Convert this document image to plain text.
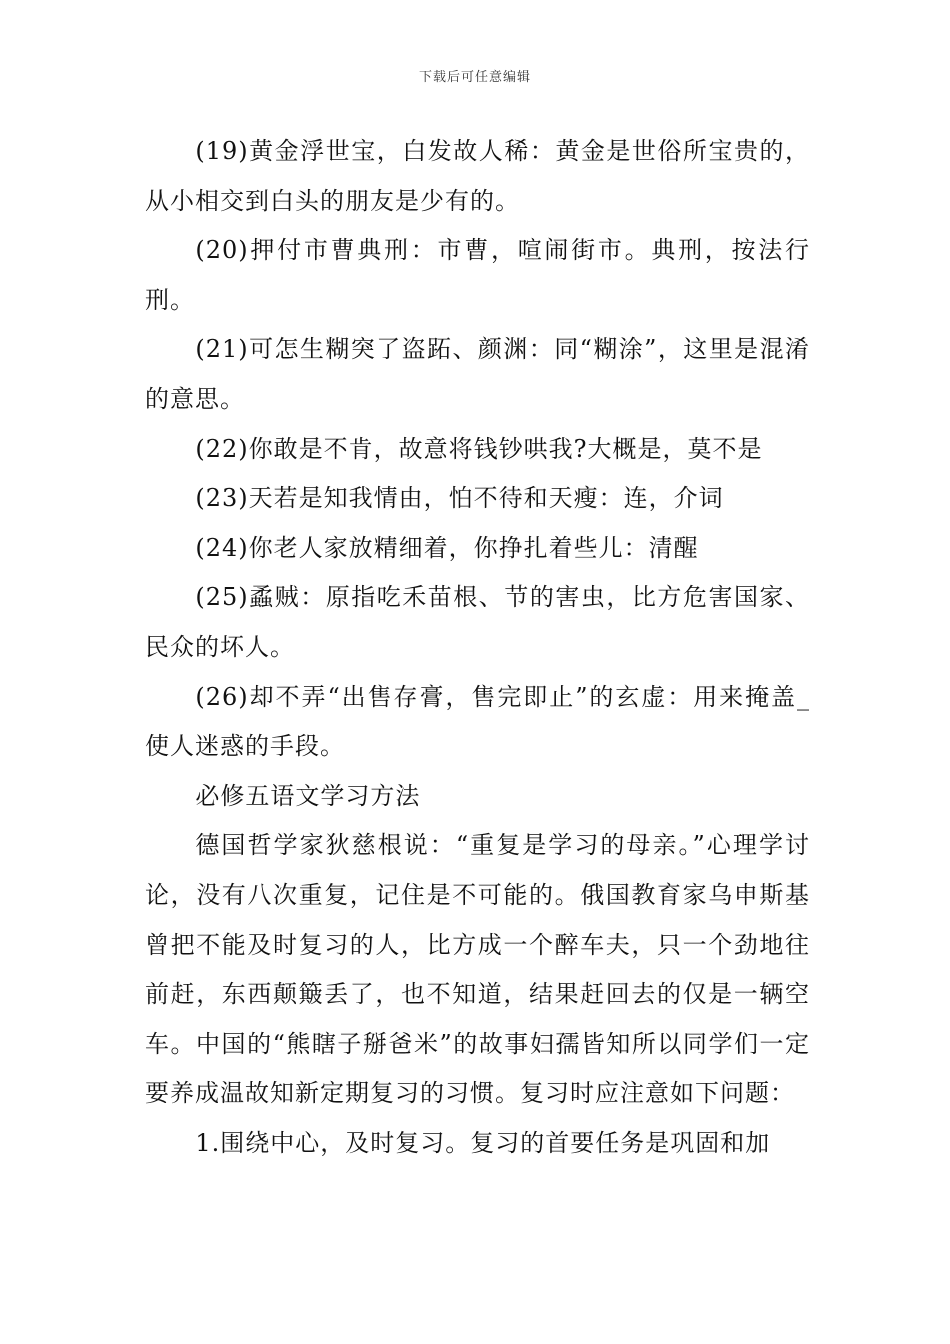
下载后可任意编辑

(19)黄金浮世宝，白发故人稀：黄金是世俗所宝贵的，从小相交到白头的朋友是少有的。

(20)押付市曹典刑：市曹，喧闹街市。典刑，按法行刑。

(21)可怎生糊突了盗跖、颜渊：同“糊涂”，这里是混淆的意思。

(22)你敢是不肯，故意将钱钞哄我?大概是，莫不是

(23)天若是知我情由，怕不待和天瘦：连，介词

(24)你老人家放精细着，你挣扎着些儿：清醒

(25)蟊贼：原指吃禾苗根、节的害虫，比方危害国家、民众的坏人。

(26)却不弄“出售存膏，售完即止”的玄虚：用来掩盖_使人迷惑的手段。

必修五语文学习方法

德国哲学家狄慈根说：“重复是学习的母亲。”心理学讨论，没有八次重复，记住是不可能的。俄国教育家乌申斯基曾把不能及时复习的人，比方成一个醉车夫，只一个劲地往前赶，东西颠簸丢了，也不知道，结果赶回去的仅是一辆空车。中国的“熊瞎子掰爸米”的故事妇孺皆知所以同学们一定要养成温故知新定期复习的习惯。复习时应注意如下问题：

1.围绕中心，及时复习。复习的首要任务是巩固和加
